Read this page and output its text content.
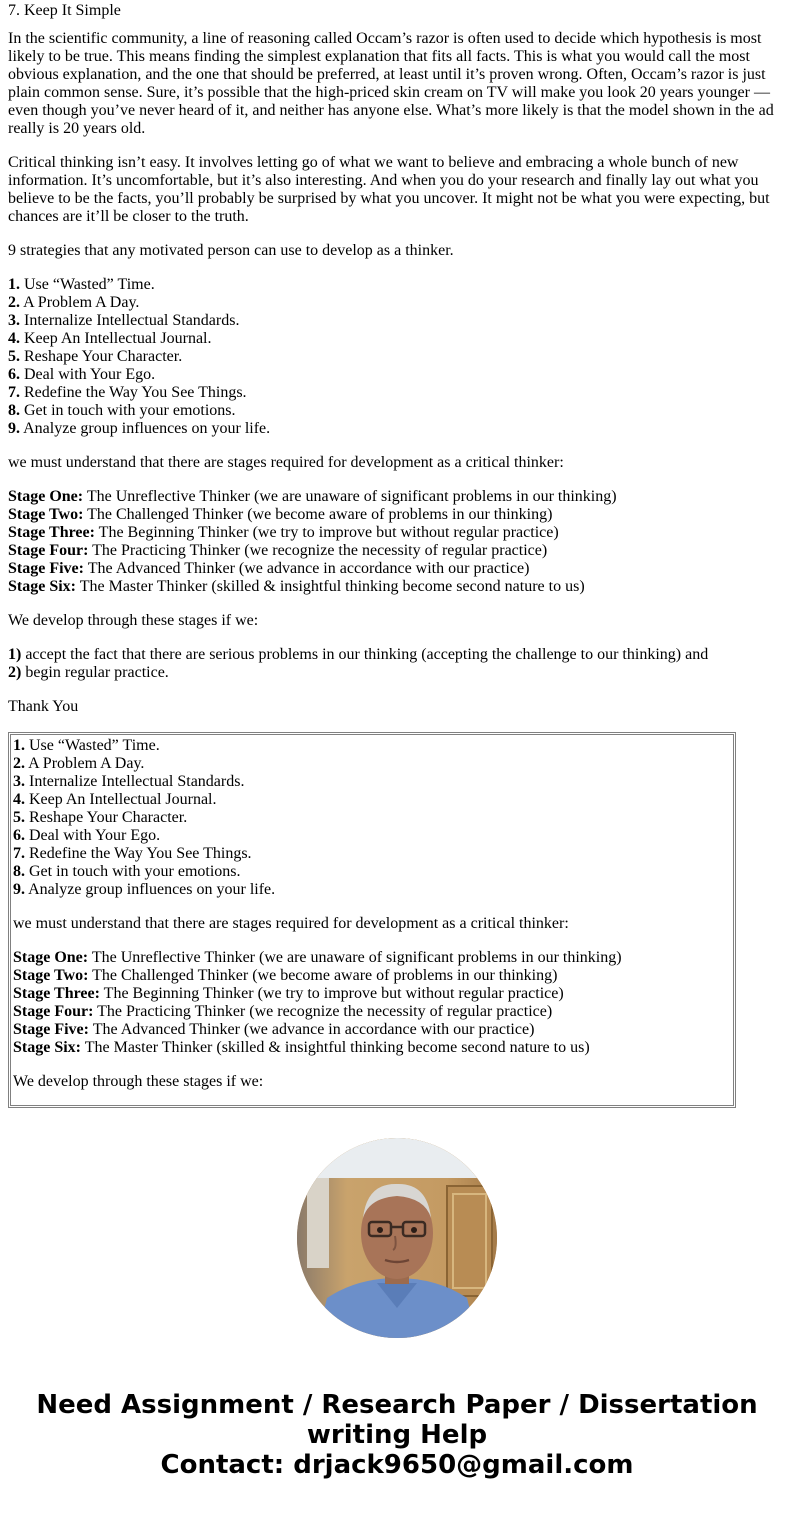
7. Keep It Simple

In the scientific community, a line of reasoning called Occam’s razor is often used to decide which hypothesis is most likely to be true. This means finding the simplest explanation that fits all facts. This is what you would call the most obvious explanation, and the one that should be preferred, at least until it’s proven wrong. Often, Occam’s razor is just plain common sense. Sure, it’s possible that the high-priced skin cream on TV will make you look 20 years younger — even though you’ve never heard of it, and neither has anyone else. What’s more likely is that the model shown in the ad really is 20 years old.

Critical thinking isn’t easy. It involves letting go of what we want to believe and embracing a whole bunch of new information. It’s uncomfortable, but it’s also interesting. And when you do your research and finally lay out what you believe to be the facts, you’ll probably be surprised by what you uncover. It might not be what you were expecting, but chances are it’ll be closer to the truth.

9 strategies that any motivated person can use to develop as a thinker.

1. Use “Wasted” Time.
2. A Problem A Day.
3. Internalize Intellectual Standards.
4. Keep An Intellectual Journal.
5. Reshape Your Character.
6. Deal with Your Ego.
7. Redefine the Way You See Things.
8. Get in touch with your emotions.
9. Analyze group influences on your life.

we must understand that there are stages required for development as a critical thinker:

Stage One: The Unreflective Thinker (we are unaware of significant problems in our thinking)
Stage Two: The Challenged Thinker (we become aware of problems in our thinking)
Stage Three: The Beginning Thinker (we try to improve but without regular practice)
Stage Four: The Practicing Thinker (we recognize the necessity of regular practice)
Stage Five: The Advanced Thinker (we advance in accordance with our practice)
Stage Six: The Master Thinker (skilled & insightful thinking become second nature to us)

We develop through these stages if we:

1) accept the fact that there are serious problems in our thinking (accepting the challenge to our thinking) and
2) begin regular practice.

Thank You

1. Use “Wasted” Time.
2. A Problem A Day.
3. Internalize Intellectual Standards.
4. Keep An Intellectual Journal.
5. Reshape Your Character.
6. Deal with Your Ego.
7. Redefine the Way You See Things.
8. Get in touch with your emotions.
9. Analyze group influences on your life.

we must understand that there are stages required for development as a critical thinker:

Stage One: The Unreflective Thinker (we are unaware of significant problems in our thinking)
Stage Two: The Challenged Thinker (we become aware of problems in our thinking)
Stage Three: The Beginning Thinker (we try to improve but without regular practice)
Stage Four: The Practicing Thinker (we recognize the necessity of regular practice)
Stage Five: The Advanced Thinker (we advance in accordance with our practice)
Stage Six: The Master Thinker (skilled & insightful thinking become second nature to us)

We develop through these stages if we:

Need Assignment / Research Paper / Dissertation
writing Help
Contact: drjack9650@gmail.com
